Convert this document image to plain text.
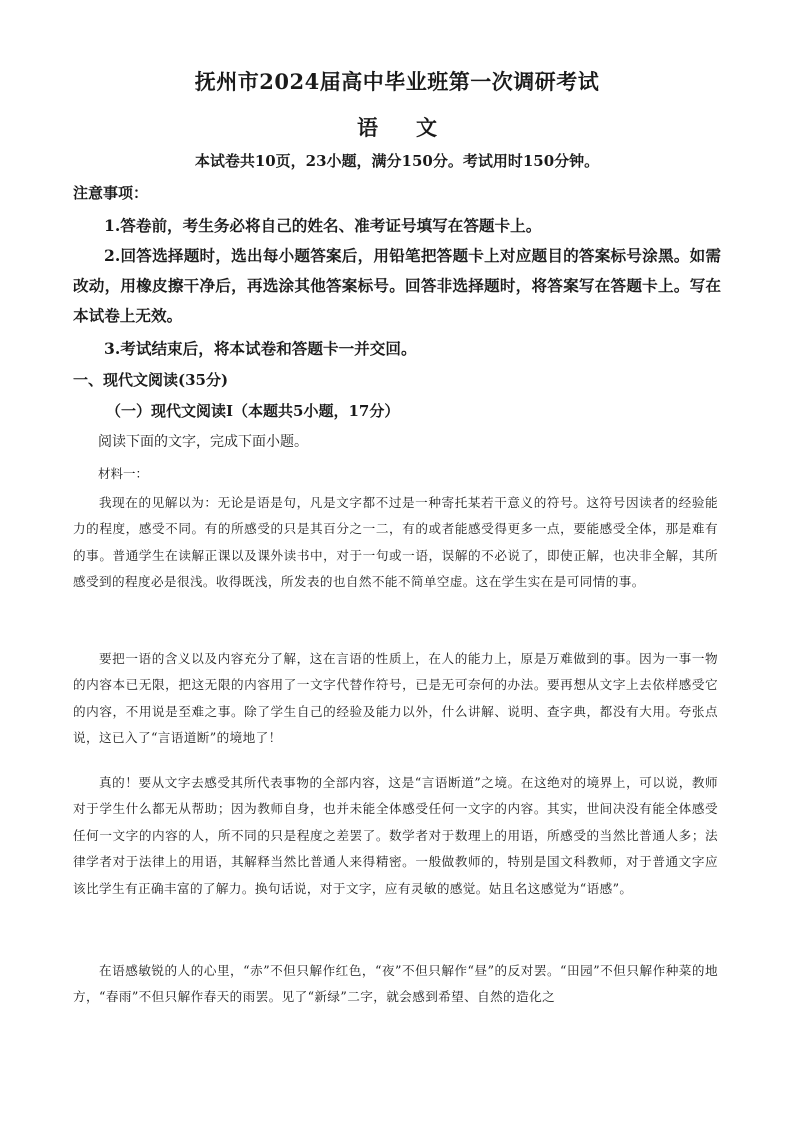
抚州市2024届高中毕业班第一次调研考试
语文
本试卷共10页，23小题，满分150分。考试用时150分钟。
注意事项：
1.答卷前，考生务必将自己的姓名、准考证号填写在答题卡上。
2.回答选择题时，选出每小题答案后，用铅笔把答题卡上对应题目的答案标号涂黑。如需改动，用橡皮擦干净后，再选涂其他答案标号。回答非选择题时，将答案写在答题卡上。写在本试卷上无效。
3.考试结束后，将本试卷和答题卡一并交回。
一、现代文阅读(35分)
（一）现代文阅读Ⅰ（本题共5小题，17分）
阅读下面的文字，完成下面小题。
材料一：
我现在的见解以为：无论是语是句，凡是文字都不过是一种寄托某若干意义的符号。这符号因读者的经验能力的程度，感受不同。有的所感受的只是其百分之一二，有的或者能感受得更多一点，要能感受全体，那是难有的事。普通学生在读解正课以及课外读书中，对于一句或一语，误解的不必说了，即使正解，也决非全解，其所感受到的程度必是很浅。收得既浅，所发表的也自然不能不简单空虚。这在学生实在是可同情的事。
要把一语的含义以及内容充分了解，这在言语的性质上，在人的能力上，原是万难做到的事。因为一事一物的内容本已无限，把这无限的内容用了一文字代替作符号，已是无可奈何的办法。要再想从文字上去依样感受它的内容，不用说是至难之事。除了学生自己的经验及能力以外，什么讲解、说明、查字典，都没有大用。夸张点说，这已入了“言语道断”的境地了！
真的！要从文字去感受其所代表事物的全部内容，这是“言语断道”之境。在这绝对的境界上，可以说，教师对于学生什么都无从帮助；因为教师自身，也并未能全体感受任何一文字的内容。其实，世间决没有能全体感受任何一文字的内容的人，所不同的只是程度之差罢了。数学者对于数理上的用语，所感受的当然比普通人多；法律学者对于法律上的用语，其解释当然比普通人来得精密。一般做教师的，特别是国文科教师，对于普通文字应该比学生有正确丰富的了解力。换句话说，对于文字，应有灵敏的感觉。姑且名这感觉为“语感”。
在语感敏锐的人的心里，“赤”不但只解作红色，“夜”不但只解作“昼”的反对罢。“田园”不但只解作种菜的地方，“春雨”不但只解作春天的雨罢。见了“新绿”二字，就会感到希望、自然的造化之
